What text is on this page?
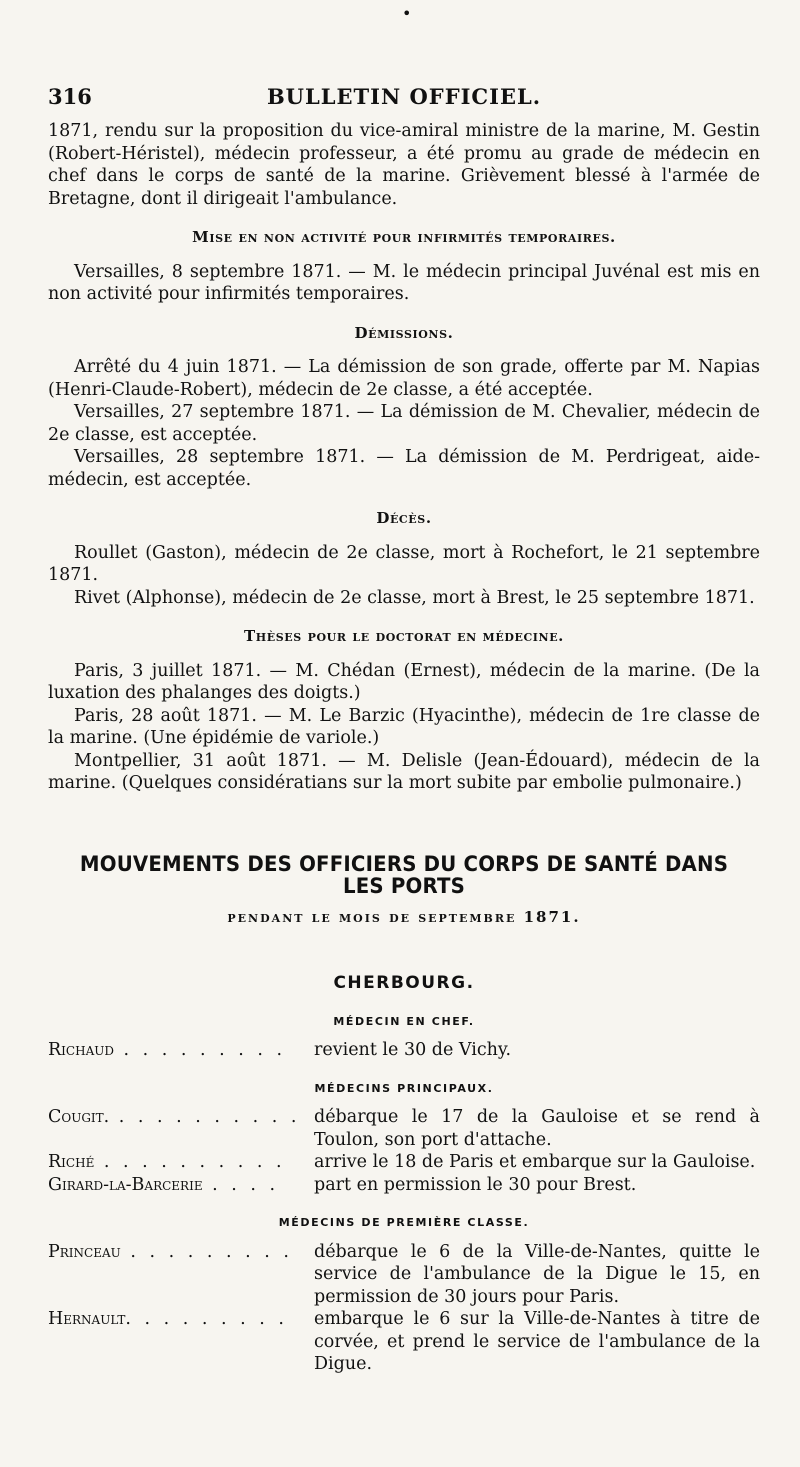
•
316	BULLETIN OFFICIEL.

1871, rendu sur la proposition du vice-amiral ministre de la marine, M. Gestin (Robert-Héristel), médecin professeur, a été promu au grade de médecin en chef dans le corps de santé de la marine. Grièvement blessé à l'armée de Bretagne, dont il dirigeait l'ambulance.

Mise en non activité pour infirmités temporaires.

Versailles, 8 septembre 1871. — M. le médecin principal Juvénal est mis en non activité pour infirmités temporaires.

Démissions.

Arrêté du 4 juin 1871. — La démission de son grade, offerte par M. Napias (Henri-Claude-Robert), médecin de 2e classe, a été acceptée.

Versailles, 27 septembre 1871. — La démission de M. Chevalier, médecin de 2e classe, est acceptée.

Versailles, 28 septembre 1871. — La démission de M. Perdrigeat, aide-médecin, est acceptée.

Décès.

Roullet (Gaston), médecin de 2e classe, mort à Rochefort, le 21 septembre 1871.

Rivet (Alphonse), médecin de 2e classe, mort à Brest, le 25 septembre 1871.

Thèses pour le doctorat en médecine.

Paris, 3 juillet 1871. — M. Chédan (Ernest), médecin de la marine. (De la luxation des phalanges des doigts.)

Paris, 28 août 1871. — M. Le Barzic (Hyacinthe), médecin de 1re classe de la marine. (Une épidémie de variole.)

Montpellier, 31 août 1871. — M. Delisle (Jean-Édouard), médecin de la marine. (Quelques considératians sur la mort subite par embolie pulmonaire.)

MOUVEMENTS DES OFFICIERS DU CORPS DE SANTÉ DANS LES PORTS
pendant le mois de septembre 1871.
CHERBOURG.
MÉDECIN EN CHEF.
Richaud . . . . . . . . .	revient le 30 de Vichy.
MÉDECINS PRINCIPAUX.
Cougit. . . . . . . . . . . débarque le 17 de la Gauloise et se rend à Toulon, son port d'attache.
Riché . . . . . . . . . .	arrive le 18 de Paris et embarque sur la Gauloise.
Girard-la-Barcerie . . . .	part en permission le 30 pour Brest.
MÉDECINS DE PREMIÈRE CLASSE.
Princeau . . . . . . . . .	débarque le 6 de la Ville-de-Nantes, quitte le service de l'ambulance de la Digue le 15, en permission de 30 jours pour Paris.
Hernault. . . . . . . . .	embarque le 6 sur la Ville-de-Nantes à titre de corvée, et prend le service de l'ambulance de la Digue.
